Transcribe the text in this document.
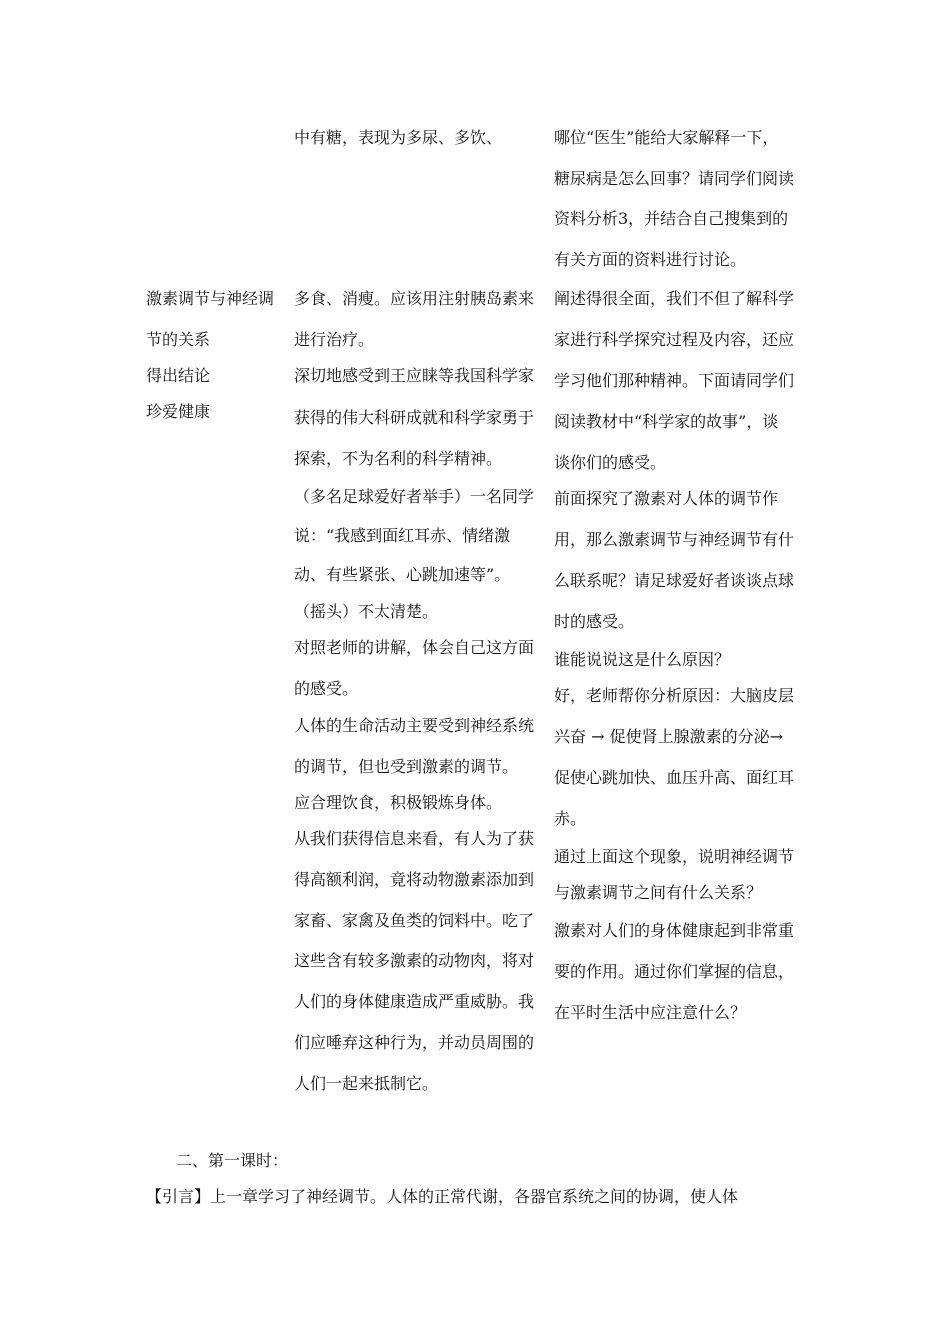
激素调节与神经调
节的关系
得出结论
珍爱健康
中有糖，表现为多尿、多饮、
多食、消瘦。应该用注射胰岛素来
进行治疗。
深切地感受到王应睐等我国科学家
获得的伟大科研成就和科学家勇于
探索，不为名利的科学精神。
（多名足球爱好者举手）一名同学
说：“我感到面红耳赤、情绪激
动、有些紧张、心跳加速等”。
（摇头）不太清楚。
对照老师的讲解，体会自己这方面
的感受。
人体的生命活动主要受到神经系统
的调节，但也受到激素的调节。
应合理饮食，积极锻炼身体。
从我们获得信息来看，有人为了获
得高额利润，竟将动物激素添加到
家畜、家禽及鱼类的饲料中。吃了
这些含有较多激素的动物肉，将对
人们的身体健康造成严重威胁。我
们应唾弃这种行为，并动员周围的
人们一起来抵制它。
哪位“医生”能给大家解释一下，
糖尿病是怎么回事？请同学们阅读
资料分析3，并结合自己搜集到的
有关方面的资料进行讨论。
阐述得很全面，我们不但了解科学
家进行科学探究过程及内容，还应
学习他们那种精神。下面请同学们
阅读教材中“科学家的故事”，谈
谈你们的感受。
前面探究了激素对人体的调节作
用，那么激素调节与神经调节有什
么联系呢？请足球爱好者谈谈点球
时的感受。
谁能说说这是什么原因？
好，老师帮你分析原因：大脑皮层
兴奋 → 促使肾上腺激素的分泌→
促使心跳加快、血压升高、面红耳
赤。
通过上面这个现象，说明神经调节
与激素调节之间有什么关系？
激素对人们的身体健康起到非常重
要的作用。通过你们掌握的信息，
在平时生活中应注意什么？
二、第一课时：
【引言】上一章学习了神经调节。人体的正常代谢，各器官系统之间的协调，使人体
